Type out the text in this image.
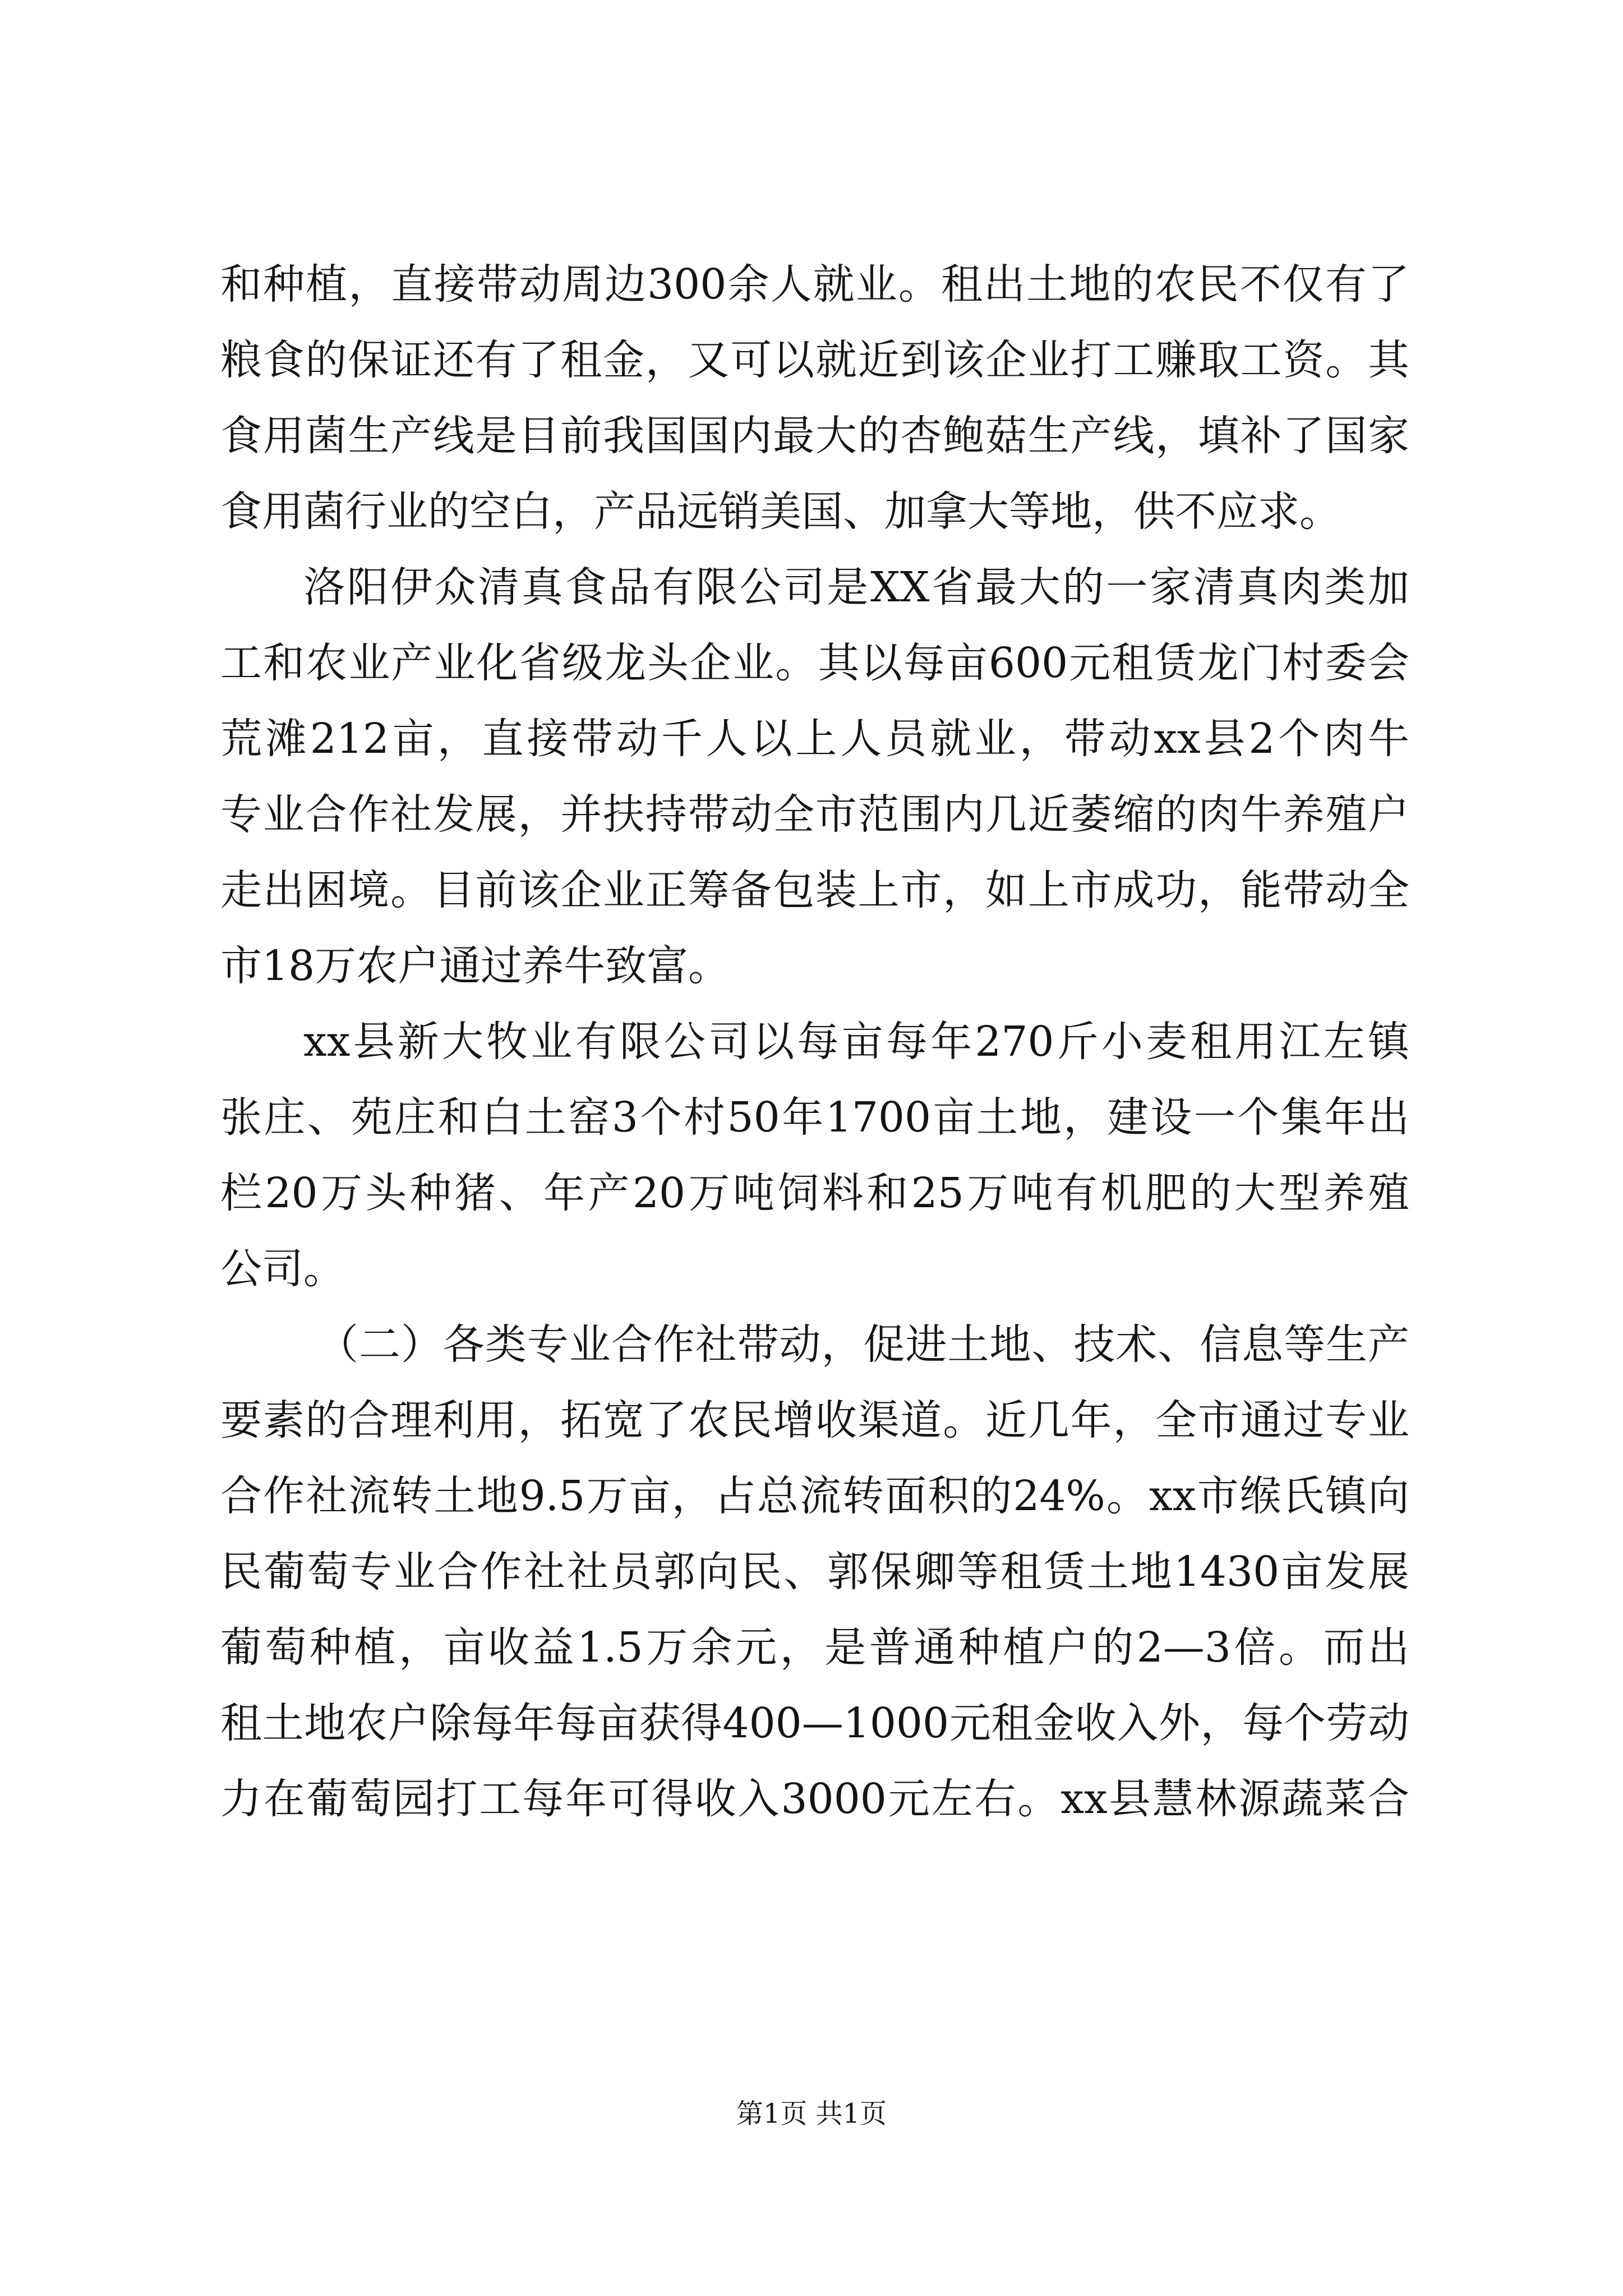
和种植，直接带动周边300余人就业。租出土地的农民不仅有了
粮食的保证还有了租金，又可以就近到该企业打工赚取工资。其
食用菌生产线是目前我国国内最大的杏鲍菇生产线，填补了国家
食用菌行业的空白，产品远销美国、加拿大等地，供不应求。
洛阳伊众清真食品有限公司是XX省最大的一家清真肉类加
工和农业产业化省级龙头企业。其以每亩600元租赁龙门村委会
荒滩212亩，直接带动千人以上人员就业，带动xx县2个肉牛
专业合作社发展，并扶持带动全市范围内几近萎缩的肉牛养殖户
走出困境。目前该企业正筹备包装上市，如上市成功，能带动全
市18万农户通过养牛致富。
xx县新大牧业有限公司以每亩每年270斤小麦租用江左镇
张庄、苑庄和白土窑3个村50年1700亩土地，建设一个集年出
栏20万头种猪、年产20万吨饲料和25万吨有机肥的大型养殖
公司。
（二）各类专业合作社带动，促进土地、技术、信息等生产
要素的合理利用，拓宽了农民增收渠道。近几年，全市通过专业
合作社流转土地9.5万亩，占总流转面积的24%。xx市缑氏镇向
民葡萄专业合作社社员郭向民、郭保卿等租赁土地1430亩发展
葡萄种植，亩收益1.5万余元，是普通种植户的2—3倍。而出
租土地农户除每年每亩获得400—1000元租金收入外，每个劳动
力在葡萄园打工每年可得收入3000元左右。xx县慧林源蔬菜合
第1页 共1页
